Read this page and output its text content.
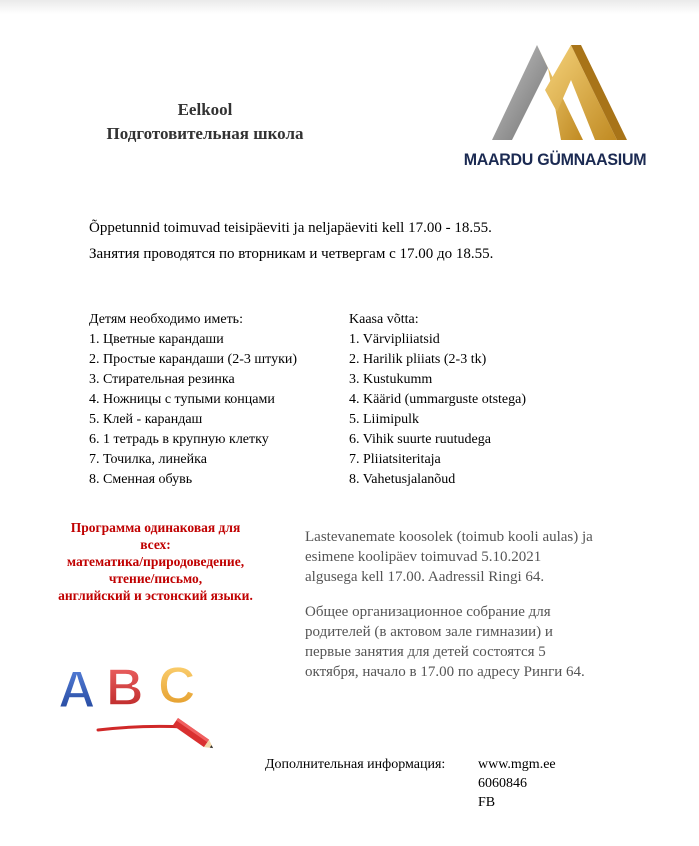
Eelkool
Подготовительная школа
MAARDU GÜMNAASIUM
Õppetunnid toimuvad teisipäeviti ja neljapäeviti kell 17.00 - 18.55.
Занятия проводятся по вторникам и четвергам с 17.00 до 18.55.
Детям необходимо иметь:
1. Цветные карандаши
2. Простые карандаши (2-3 штуки)
3. Стирательная резинка
4. Ножницы с тупыми концами
5. Клей - карандаш
6. 1 тетрадь в крупную клетку
7. Точилка, линейка
8. Сменная обувь
Kaasa võtta:
1. Värvipliiatsid
2. Harilik pliiats (2-3 tk)
3. Kustukumm
4. Käärid (ummarguste otstega)
5. Liimipulk
6. Vihik suurte ruutudega
7. Pliiatsiteritaja
8. Vahetusjalanõud
Программа одинаковая для
всех:
математика/природоведение,
чтение/письмо,
английский и эстонский языки.
Lastevanemate koosolek (toimub kooli aulas) ja
esimene koolipäev toimuvad 5.10.2021
algusega kell 17.00. Aadressil Ringi 64.
Общее организационное собрание для
родителей (в актовом зале гимназии) и
первые занятия для детей состоятся 5
октября, начало в 17.00 по адресу Ринги 64.
A B C
Дополнительная информация: www.mgm.ee
6060846
FB
